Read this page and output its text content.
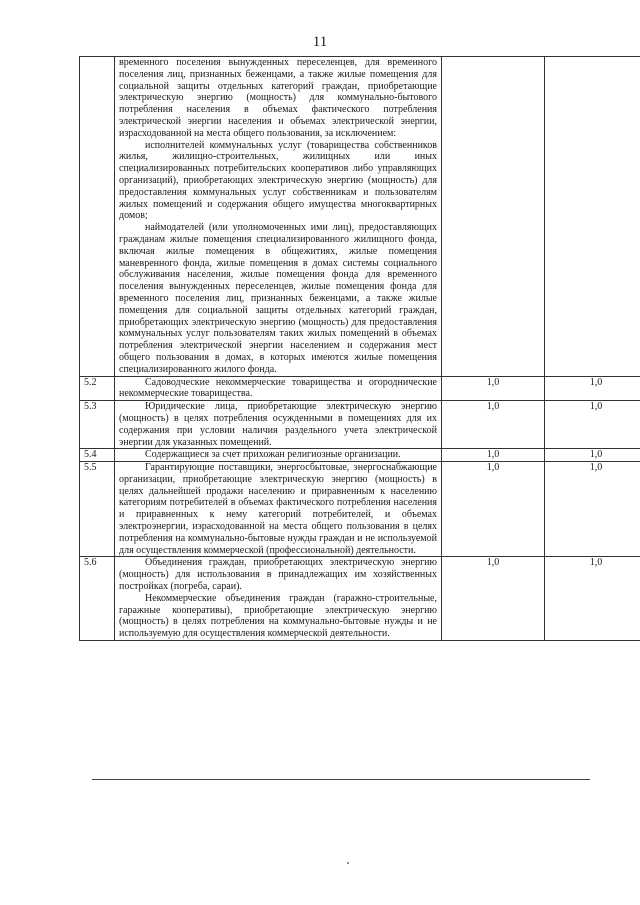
11

	временного поселения вынужденных переселенцев, для временного поселения лиц, признанных беженцами, а также жилые помещения для социальной защиты отдельных категорий граждан, приобретающие электрическую энергию (мощность) для коммунально-бытового потребления населения в объемах фактического потребления электрической энергии населения и объемах электрической энергии, израсходованной на места общего пользования, за исключением:

исполнителей коммунальных услуг (товарищества собственников жилья, жилищно-строительных, жилищных или иных специализированных потребительских кооперативов либо управляющих организаций), приобретающих электрическую энергию (мощность) для предоставления коммунальных услуг собственникам и пользователям жилых помещений и содержания общего имущества многоквартирных домов;

наймодателей (или уполномоченных ими лиц), предоставляющих гражданам жилые помещения специализированного жилищного фонда, включая жилые помещения в общежитиях, жилые помещения маневренного фонда, жилые помещения в домах системы социального обслуживания населения, жилые помещения фонда для временного поселения вынужденных переселенцев, жилые помещения фонда для временного поселения лиц, признанных беженцами, а также жилые помещения для социальной защиты отдельных категорий граждан, приобретающих электрическую энергию (мощность) для предоставления коммунальных услуг пользователям таких жилых помещений в объемах потребления электрической энергии населением и содержания мест общего пользования в домах, в которых имеются жилые помещения специализированного жилого фонда.		

5.2	Садоводческие некоммерческие товарищества и огороднические некоммерческие товарищества.	1,0	1,0
5.3	Юридические лица, приобретающие электрическую энергию (мощность) в целях потребления осужденными в помещениях для их содержания при условии наличия раздельного учета электрической энергии для указанных помещений.	1,0	1,0
5.4	Содержащиеся за счет прихожан религиозные организации.	1,0	1,0
5.5	Гарантирующие поставщики, энергосбытовые, энергоснабжающие организации, приобретающие электрическую энергию (мощность) в целях дальнейшей продажи населению и приравненным к населению категориям потребителей в объемах фактического потребления населения и приравненных к нему категорий потребителей, и объемах электроэнергии, израсходованной на места общего пользования в целях потребления на коммунально-бытовые нужды граждан и не используемой для осуществления коммерческой (профессиональной) деятельности.	1,0	1,0
5.6	Объединения граждан, приобретающих электрическую энергию (мощность) для использования в принадлежащих им хозяйственных постройках (погреба, сараи).

Некоммерческие объединения граждан (гаражно-строительные, гаражные кооперативы), приобретающие электрическую энергию (мощность) в целях потребления на коммунально-бытовые нужды и не используемую для осуществления коммерческой деятельности.	1,0	1,0
